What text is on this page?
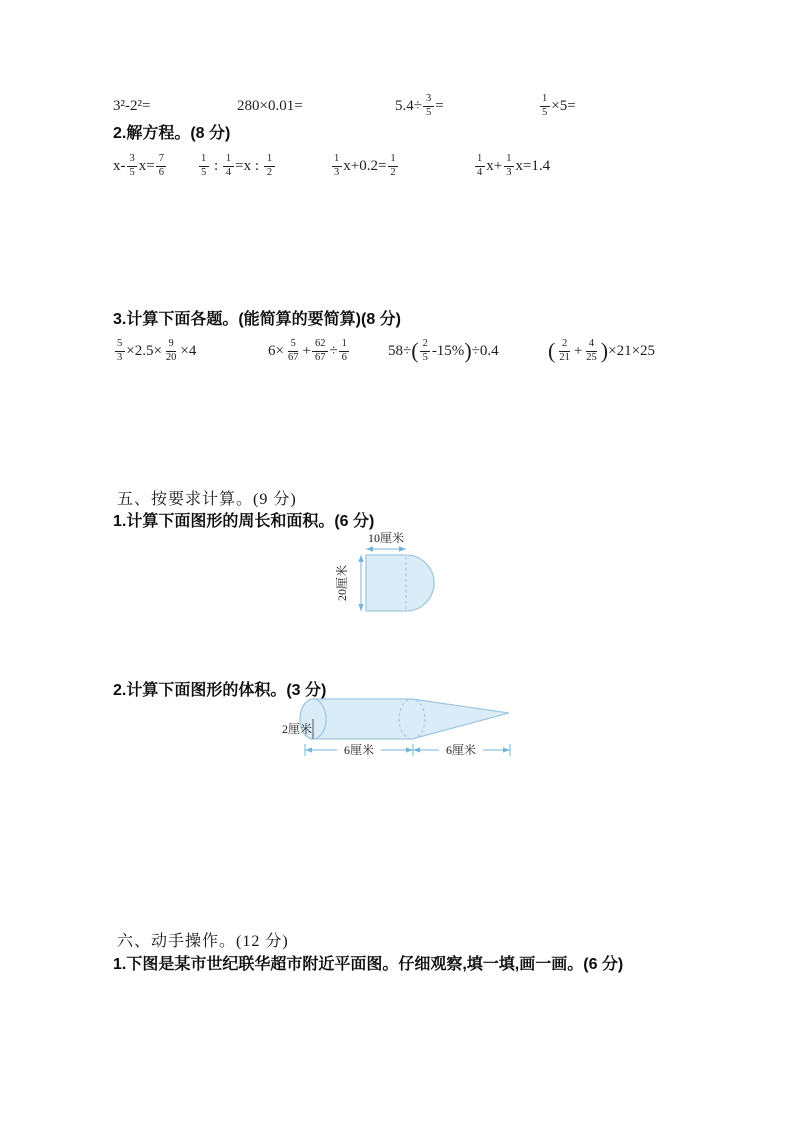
3²-2²=	280×0.01=	$5.4\div \frac{3}{5}$ =	$\frac{1}{5} \times 5=$
2.解方程。(8 分)
$x- \frac{3}{5} x= \frac{7}{6}$	$\frac{1}{5}$ : $\frac{1}{4} =x$ : $\frac{1}{2}$	$\frac{1}{3} x+0.2= \frac{1}{2}$	$\frac{1}{4} x+ \frac{1}{3} x=1.4$
3.计算下面各题。(能简算的要简算)(8 分)
$\frac{5}{3} \times 2.5\times \frac{9}{20} \times 4$	$6\times \frac{5}{67} + \frac{62}{67} \div \frac{1}{6}$	58÷ ( $\frac{2}{5} -15\%$ ) ÷0.4 ( $\frac{2}{21} + \frac{4}{25}$ ) ×21×25
五、按要求计算。(9 分)
1.计算下面图形的周长和面积。(6 分)
10厘米
20厘米
2.计算下面图形的体积。(3 分)
2厘米
6厘米	6厘米
六、动手操作。(12 分)
1.下图是某市世纪联华超市附近平面图。仔细观察,填一填,画一画。(6 分)
